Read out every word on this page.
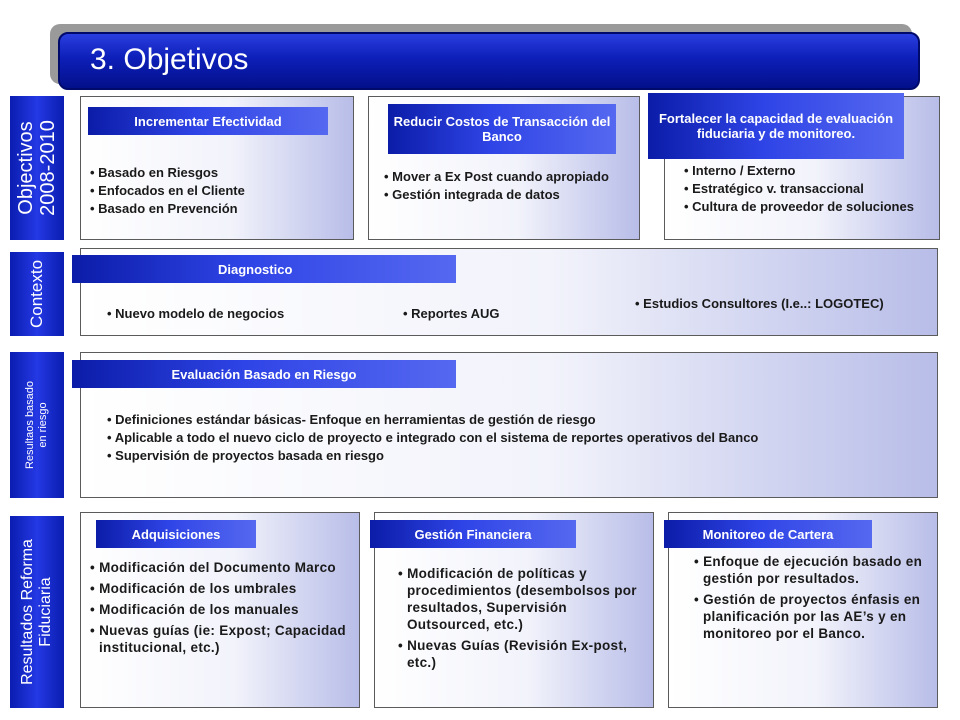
3. Objetivos
Objectivos 2008-2010
Contexto
Resultaos basado en riesgo
Resultados Reforma Fiduciaria
• Basado en Riesgos
• Enfocados en el Cliente
• Basado en Prevención
Incrementar Efectividad
• Mover a Ex Post cuando apropiado
• Gestión integrada de datos
Reducir Costos de Transacción del Banco
• Interno / Externo
• Estratégico v. transaccional
• Cultura de proveedor de soluciones
Fortalecer la capacidad de evaluación fiduciaria y de monitoreo.
Diagnostico
• Nuevo modelo de negocios
•	Reportes AUG
• Estudios Consultores (I.e..: LOGOTEC)
Evaluación Basado en Riesgo
• Definiciones estándar básicas- Enfoque en herramientas de gestión de riesgo
• Aplicable a todo el nuevo ciclo de proyecto e integrado con el sistema de reportes operativos del Banco
• Supervisión de proyectos basada en riesgo
• Modificación del Documento Marco
• Modificación de los umbrales
• Modificación de los manuales
• Nuevas guías (ie: Expost; Capacidad institucional, etc.)
Adquisiciones
• Modificación de políticas y procedimientos (desembolsos por resultados, Supervisión Outsourced, etc.)
• Nuevas Guías (Revisión Ex-post, etc.)
Gestión Financiera
• Enfoque de ejecución basado en gestión por resultados.
• Gestión de proyectos énfasis en planificación por las AE’s y en monitoreo por el Banco.
Monitoreo de Cartera
